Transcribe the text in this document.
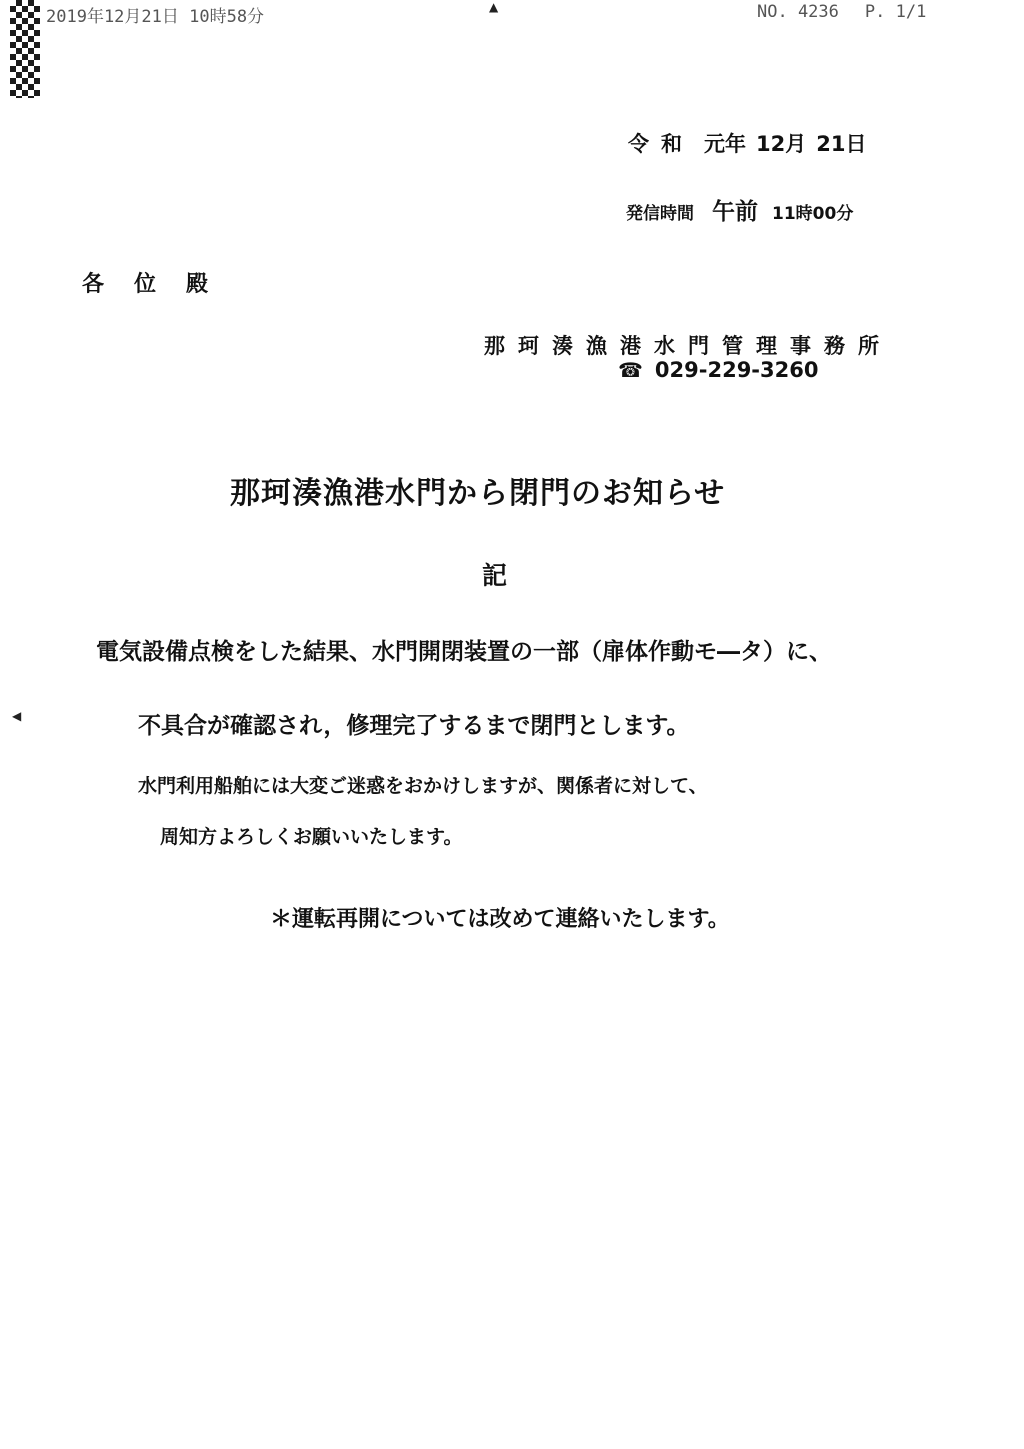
2019年12月21日 10時58分	NO. 4236 P. 1/1
▲
◀
令和 元年 12月 21日
発信時間 午前 11時00分
各位殿
那珂湊漁港水門管理事務所
☎ 029-229-3260
那珂湊漁港水門から閉門のお知らせ
記
電気設備点検をした結果、水門開閉装置の一部（扉体作動モ―タ）に、
不具合が確認され，修理完了するまで閉門とします。
水門利用船舶には大変ご迷惑をおかけしますが、関係者に対して、
周知方よろしくお願いいたします。
＊運転再開については改めて連絡いたします。
